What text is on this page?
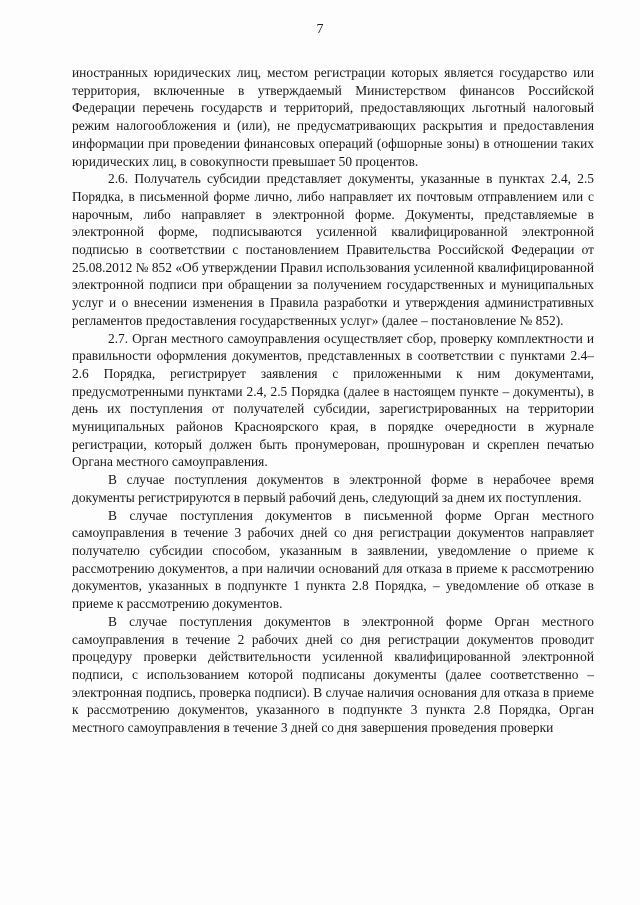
7

иностранных юридических лиц, местом регистрации которых является государство или территория, включенные в утверждаемый Министерством финансов Российской Федерации перечень государств и территорий, предоставляющих льготный налоговый режим налогообложения и (или), не предусматривающих раскрытия и предоставления информации при проведении финансовых операций (офшорные зоны) в отношении таких юридических лиц, в совокупности превышает 50 процентов.

2.6. Получатель субсидии представляет документы, указанные в пунктах 2.4, 2.5 Порядка, в письменной форме лично, либо направляет их почтовым отправлением или с нарочным, либо направляет в электронной форме. Документы, представляемые в электронной форме, подписываются усиленной квалифицированной электронной подписью в соответствии с постановлением Правительства Российской Федерации от 25.08.2012 № 852 «Об утверждении Правил использования усиленной квалифицированной электронной подписи при обращении за получением государственных и муниципальных услуг и о внесении изменения в Правила разработки и утверждения административных регламентов предоставления государственных услуг» (далее – постановление № 852).

2.7. Орган местного самоуправления осуществляет сбор, проверку комплектности и правильности оформления документов, представленных в соответствии с пунктами 2.4–2.6 Порядка, регистрирует заявления с приложенными к ним документами, предусмотренными пунктами 2.4, 2.5 Порядка (далее в настоящем пункте – документы), в день их поступления от получателей субсидии, зарегистрированных на территории муниципальных районов Красноярского края, в порядке очередности в журнале регистрации, который должен быть пронумерован, прошнурован и скреплен печатью Органа местного самоуправления.

В случае поступления документов в электронной форме в нерабочее время документы регистрируются в первый рабочий день, следующий за днем их поступления.

В случае поступления документов в письменной форме Орган местного самоуправления в течение 3 рабочих дней со дня регистрации документов направляет получателю субсидии способом, указанным в заявлении, уведомление о приеме к рассмотрению документов, а при наличии оснований для отказа в приеме к рассмотрению документов, указанных в подпункте 1 пункта 2.8 Порядка, – уведомление об отказе в приеме к рассмотрению документов.

В случае поступления документов в электронной форме Орган местного самоуправления в течение 2 рабочих дней со дня регистрации документов проводит процедуру проверки действительности усиленной квалифицированной электронной подписи, с использованием которой подписаны документы (далее соответственно – электронная подпись, проверка подписи). В случае наличия основания для отказа в приеме к рассмотрению документов, указанного в подпункте 3 пункта 2.8 Порядка, Орган местного самоуправления в течение 3 дней со дня завершения проведения проверки
